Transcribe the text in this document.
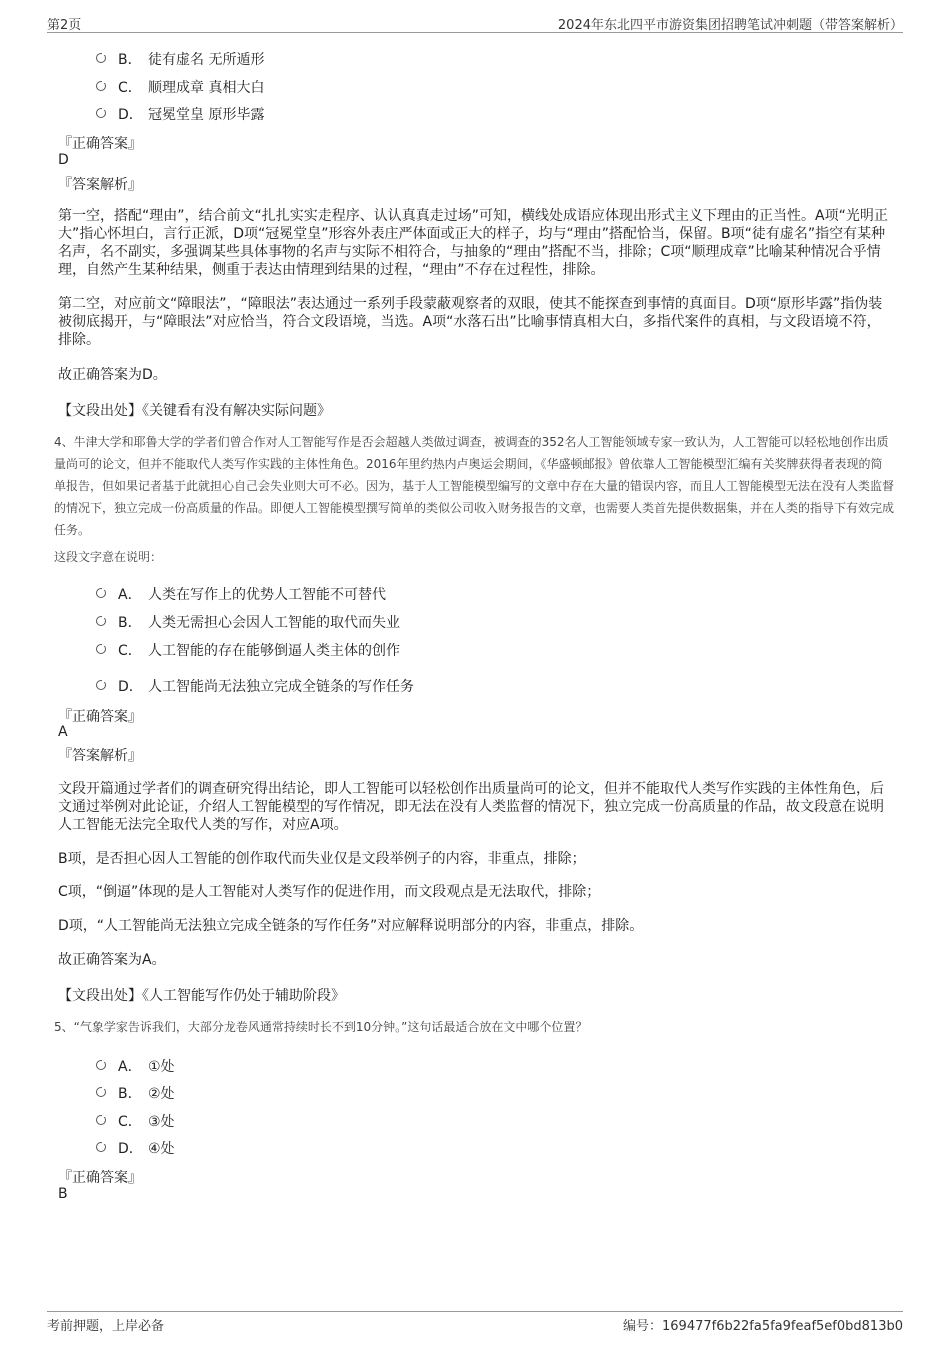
第2页	2024年东北四平市游资集团招聘笔试冲刺题（带答案解析）
B． 徒有虚名 无所遁形
C． 顺理成章 真相大白
D． 冠冕堂皇 原形毕露
『正确答案』
D
『答案解析』
第一空，搭配“理由”，结合前文“扎扎实实走程序、认认真真走过场”可知，横线处成语应体现出形式主义下理由的正当性。A项“光明正大”指心怀坦白，言行正派，D项“冠冕堂皇”形容外表庄严体面或正大的样子，均与“理由”搭配恰当，保留。B项“徒有虚名”指空有某种名声，名不副实，多强调某些具体事物的名声与实际不相符合，与抽象的“理由”搭配不当，排除；C项“顺理成章”比喻某种情况合乎情理，自然产生某种结果，侧重于表达由情理到结果的过程，“理由”不存在过程性，排除。
第二空，对应前文“障眼法”，“障眼法”表达通过一系列手段蒙蔽观察者的双眼，使其不能探查到事情的真面目。D项“原形毕露”指伪装被彻底揭开，与“障眼法”对应恰当，符合文段语境，当选。A项“水落石出”比喻事情真相大白，多指代案件的真相，与文段语境不符，排除。
故正确答案为D。
【文段出处】《关键看有没有解决实际问题》
4、牛津大学和耶鲁大学的学者们曾合作对人工智能写作是否会超越人类做过调查，被调查的352名人工智能领域专家一致认为，人工智能可以轻松地创作出质量尚可的论文，但并不能取代人类写作实践的主体性角色。2016年里约热内卢奥运会期间，《华盛顿邮报》曾依靠人工智能模型汇编有关奖牌获得者表现的简单报告，但如果记者基于此就担心自己会失业则大可不必。因为，基于人工智能模型编写的文章中存在大量的错误内容，而且人工智能模型无法在没有人类监督的情况下，独立完成一份高质量的作品。即便人工智能模型撰写简单的类似公司收入财务报告的文章，也需要人类首先提供数据集，并在人类的指导下有效完成任务。
这段文字意在说明：
A． 人类在写作上的优势人工智能不可替代
B． 人类无需担心会因人工智能的取代而失业
C． 人工智能的存在能够倒逼人类主体的创作
D． 人工智能尚无法独立完成全链条的写作任务
『正确答案』
A
『答案解析』
文段开篇通过学者们的调查研究得出结论，即人工智能可以轻松创作出质量尚可的论文，但并不能取代人类写作实践的主体性角色，后文通过举例对此论证，介绍人工智能模型的写作情况，即无法在没有人类监督的情况下，独立完成一份高质量的作品，故文段意在说明人工智能无法完全取代人类的写作，对应A项。
B项，是否担心因人工智能的创作取代而失业仅是文段举例子的内容，非重点，排除；
C项，“倒逼”体现的是人工智能对人类写作的促进作用，而文段观点是无法取代，排除；
D项，“人工智能尚无法独立完成全链条的写作任务”对应解释说明部分的内容，非重点，排除。
故正确答案为A。
【文段出处】《人工智能写作仍处于辅助阶段》
5、“气象学家告诉我们，大部分龙卷风通常持续时长不到10分钟。”这句话最适合放在文中哪个位置？
A． ①处
B． ②处
C． ③处
D． ④处
『正确答案』
B
考前押题，上岸必备	编号：169477f6b22fa5fa9feaf5ef0bd813b0
